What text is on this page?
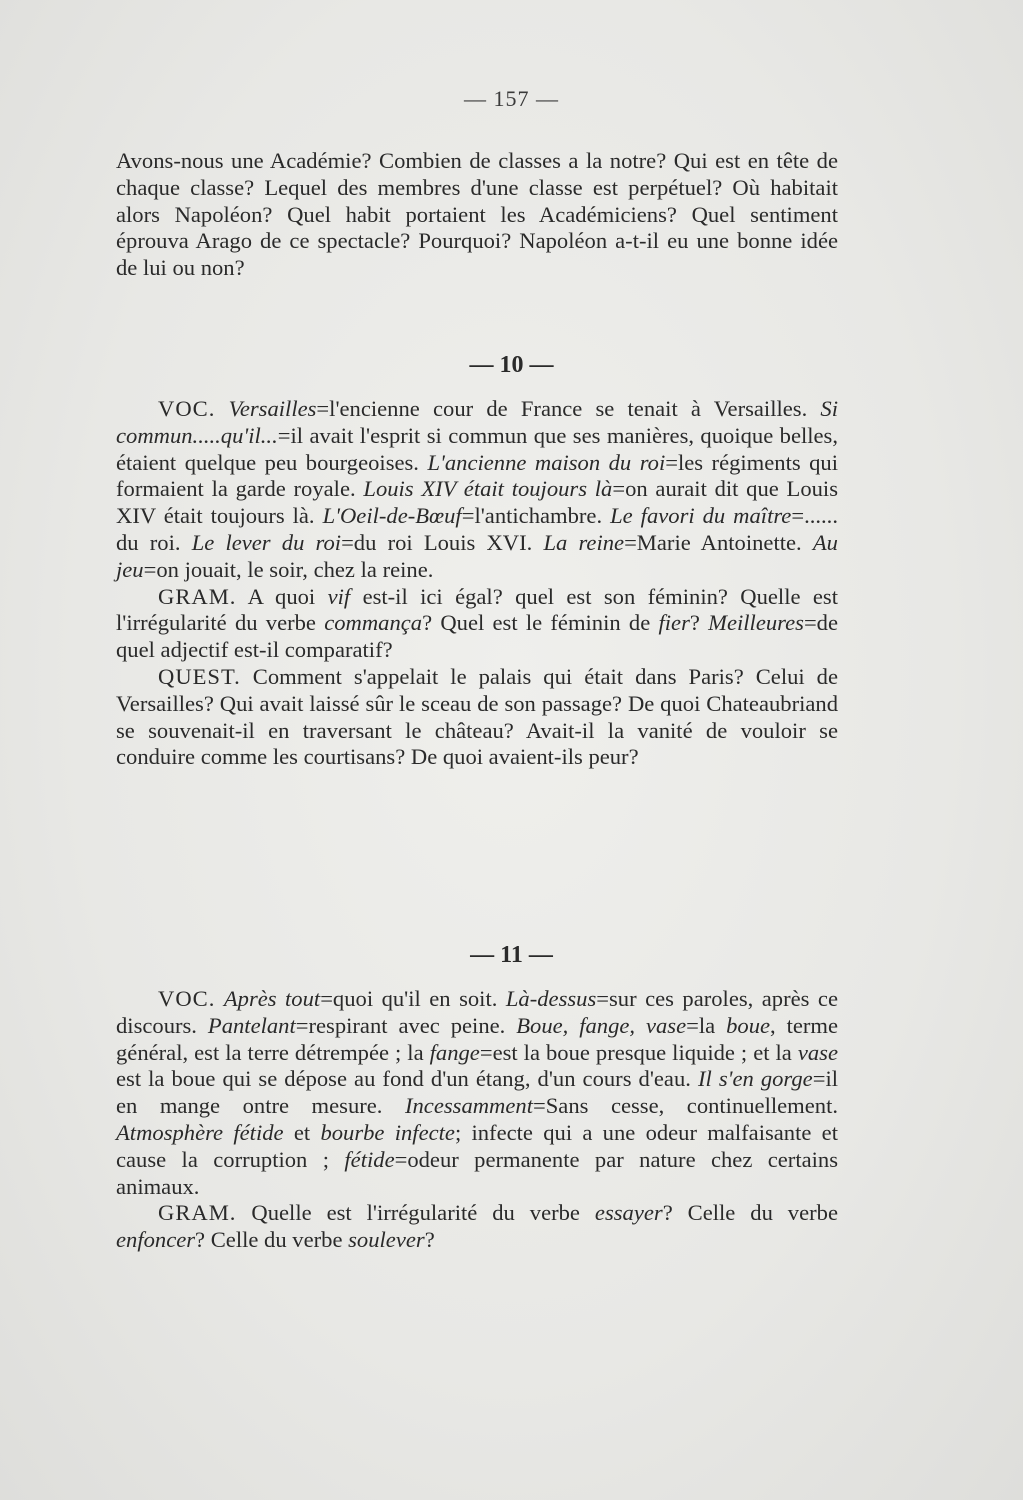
— 157 —

Avons-nous une Académie? Combien de classes a la notre? Qui est en tête de chaque classe? Lequel des membres d'une classe est perpétuel? Où habitait alors Napoléon? Quel habit portaient les Académiciens? Quel sentiment éprouva Arago de ce spectacle? Pourquoi? Napoléon a-t-il eu une bonne idée de lui ou non?

— 10 —

VOC. Versailles=l'encienne cour de France se tenait à Versailles. Si commun.....qu'il...=il avait l'esprit si commun que ses manières, quoique belles, étaient quelque peu bourgeoises. L'ancienne maison du roi=les régiments qui formaient la garde royale. Louis XIV était toujours là=on aurait dit que Louis XIV était toujours là. L'Oeil-de-Bœuf=l'antichambre. Le favori du maître=...... du roi. Le lever du roi=du roi Louis XVI. La reine=Marie Antoinette. Au jeu=on jouait, le soir, chez la reine.

GRAM. A quoi vif est-il ici égal? quel est son féminin? Quelle est l'irrégularité du verbe commança? Quel est le féminin de fier? Meilleures=de quel adjectif est-il comparatif?

QUEST. Comment s'appelait le palais qui était dans Paris? Celui de Versailles? Qui avait laissé sûr le sceau de son passage? De quoi Chateaubriand se souvenait-il en traversant le château? Avait-il la vanité de vouloir se conduire comme les courtisans? De quoi avaient-ils peur?

— 11 —

VOC. Après tout=quoi qu'il en soit. Là-dessus=sur ces paroles, après ce discours. Pantelant=respirant avec peine. Boue, fange, vase=la boue, terme général, est la terre détrempée ; la fange=est la boue presque liquide ; et la vase est la boue qui se dépose au fond d'un étang, d'un cours d'eau. Il s'en gorge=il en mange ontre mesure. Incessamment=Sans cesse, continuellement. Atmosphère fétide et bourbe infecte; infecte qui a une odeur malfaisante et cause la corruption ; fétide=odeur permanente par nature chez certains animaux.

GRAM. Quelle est l'irrégularité du verbe essayer? Celle du verbe enfoncer? Celle du verbe soulever?
